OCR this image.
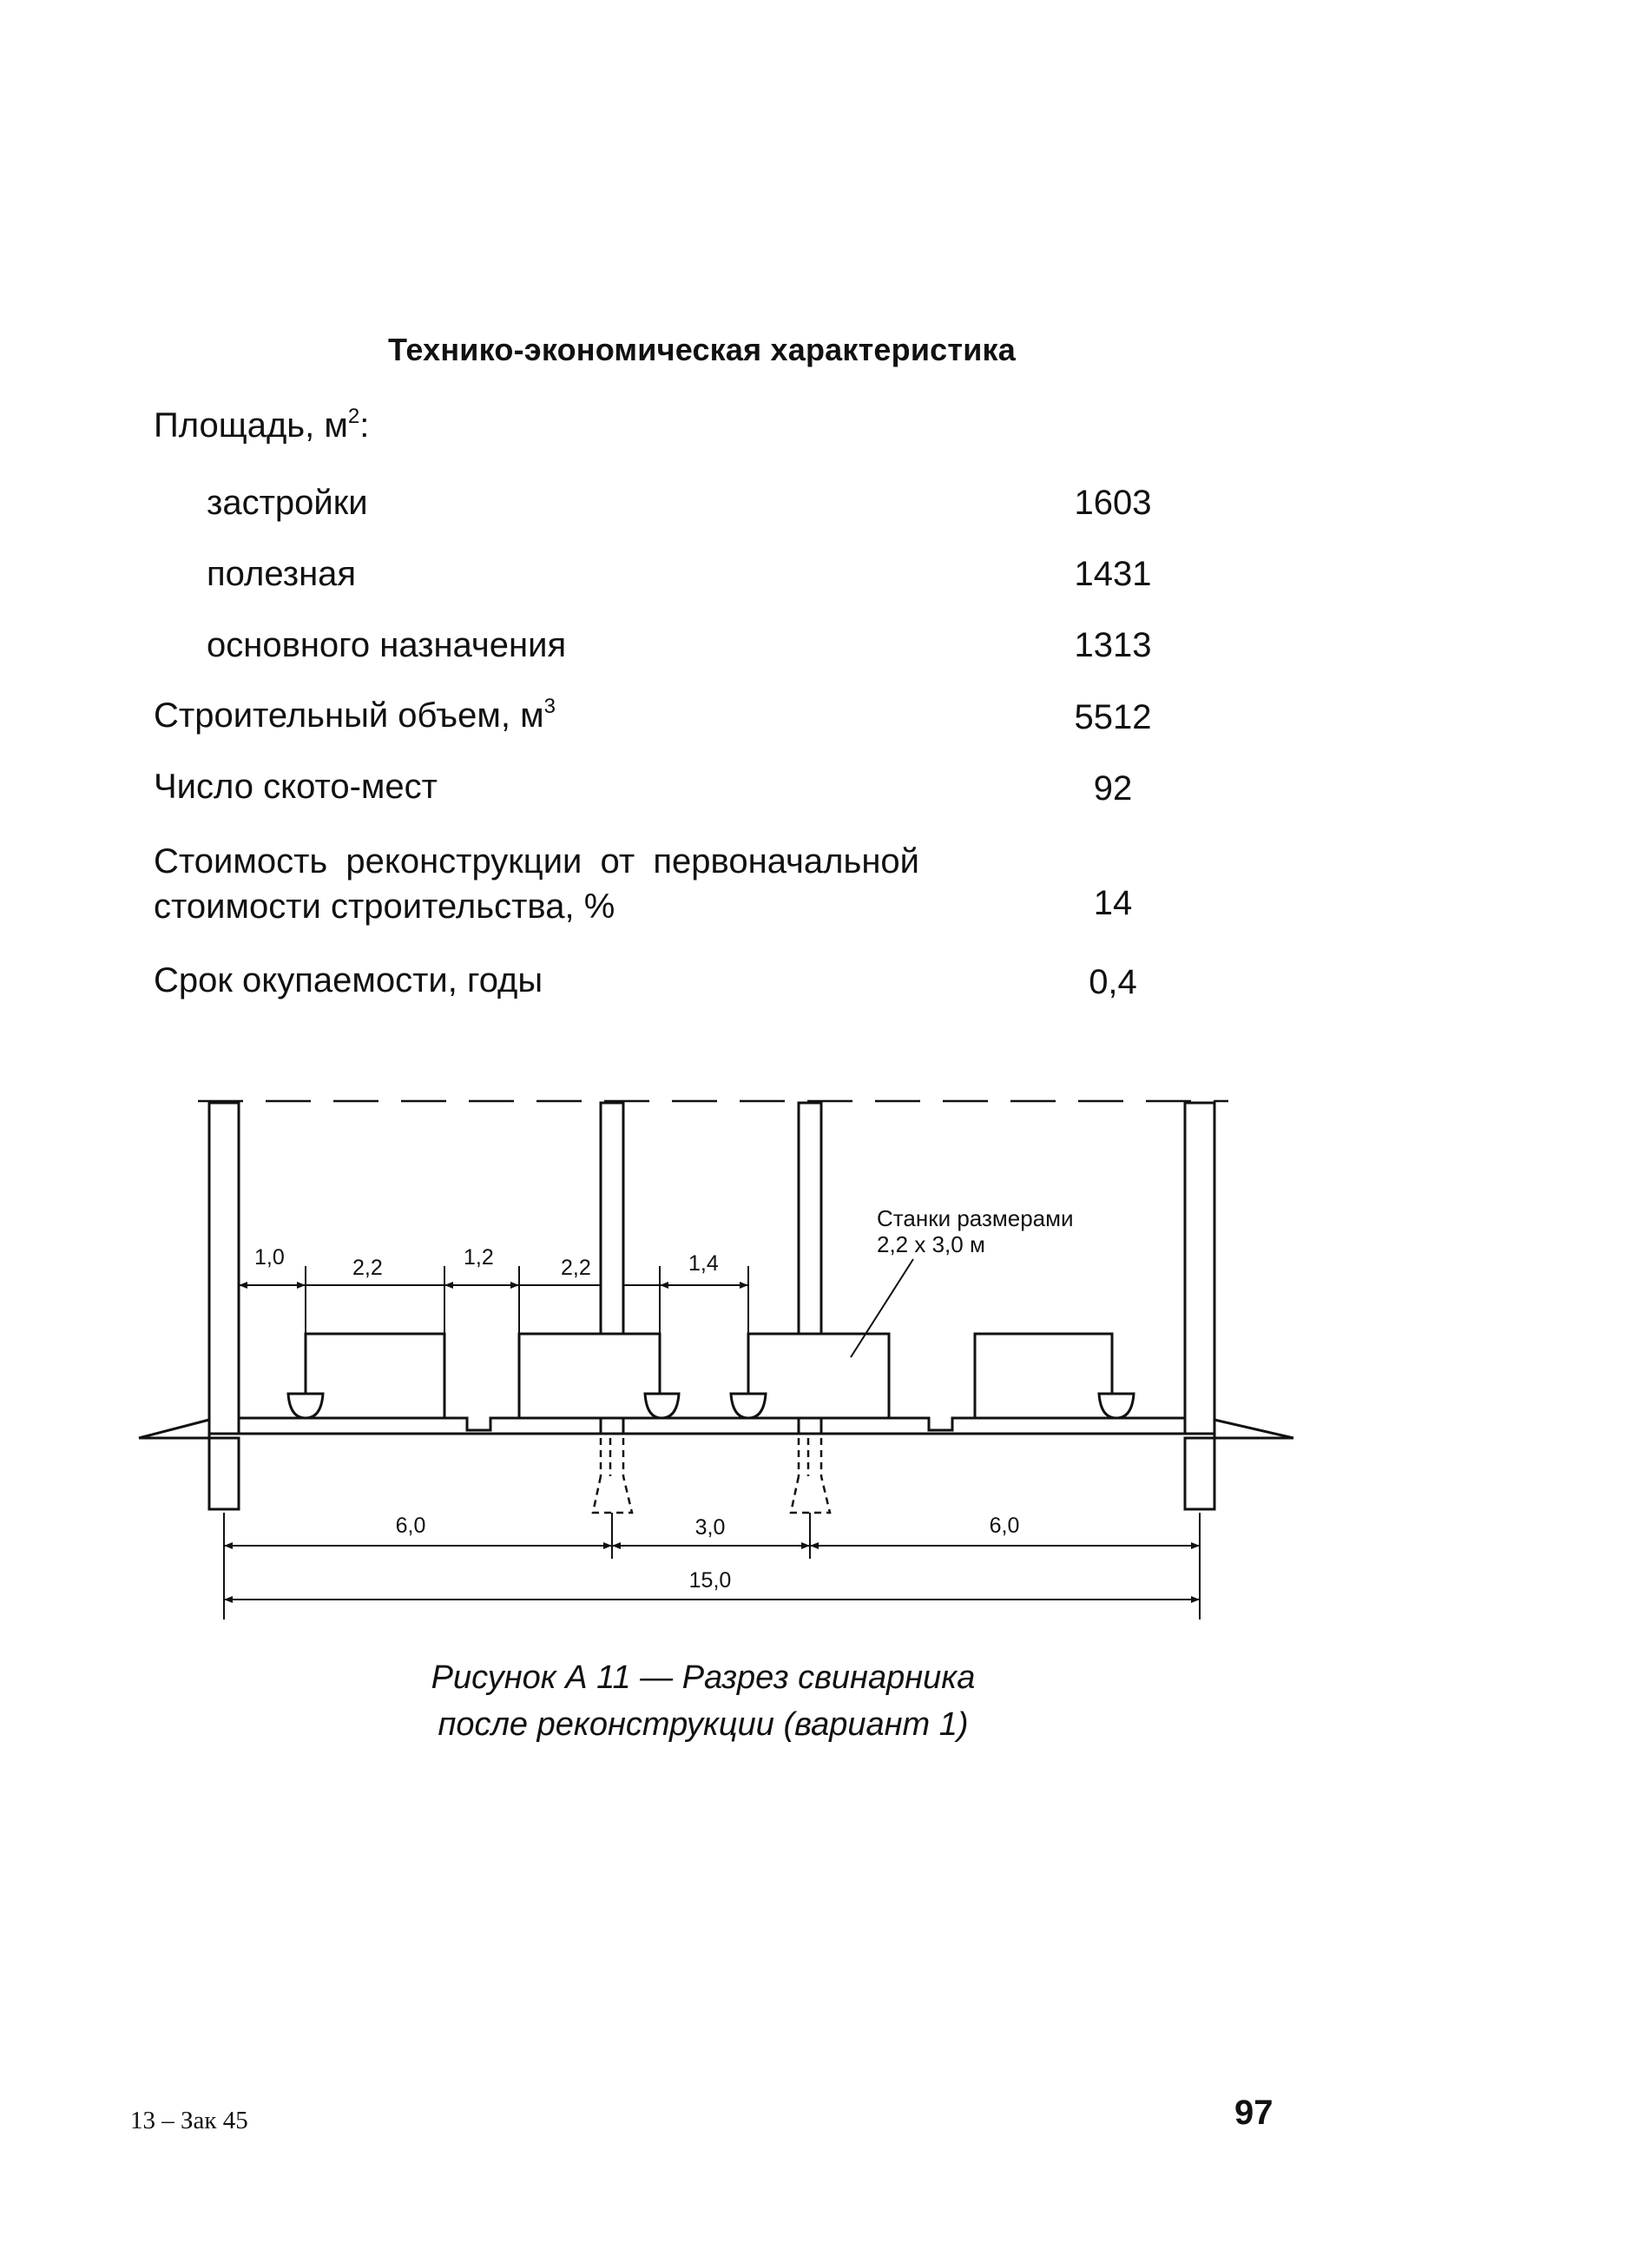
Технико-экономическая характеристика
Площадь, $м^2$:
застройки	1603
полезная	1431
основного назначения	1313
Строительный объем, $м^3$	5512
Число ското-мест	92
Стоимость реконструкции от первоначальной стоимости строительства, %	14
Срок окупаемости, годы	0,4
1,0	2,2	1,2	2,2	1,4
Станки размерами
2,2 х 3,0 м
6,0	3,0	6,0
15,0
Рисунок А 11 — Разрез свинарника
после реконструкции (вариант 1)
13 – Зак 45	97
